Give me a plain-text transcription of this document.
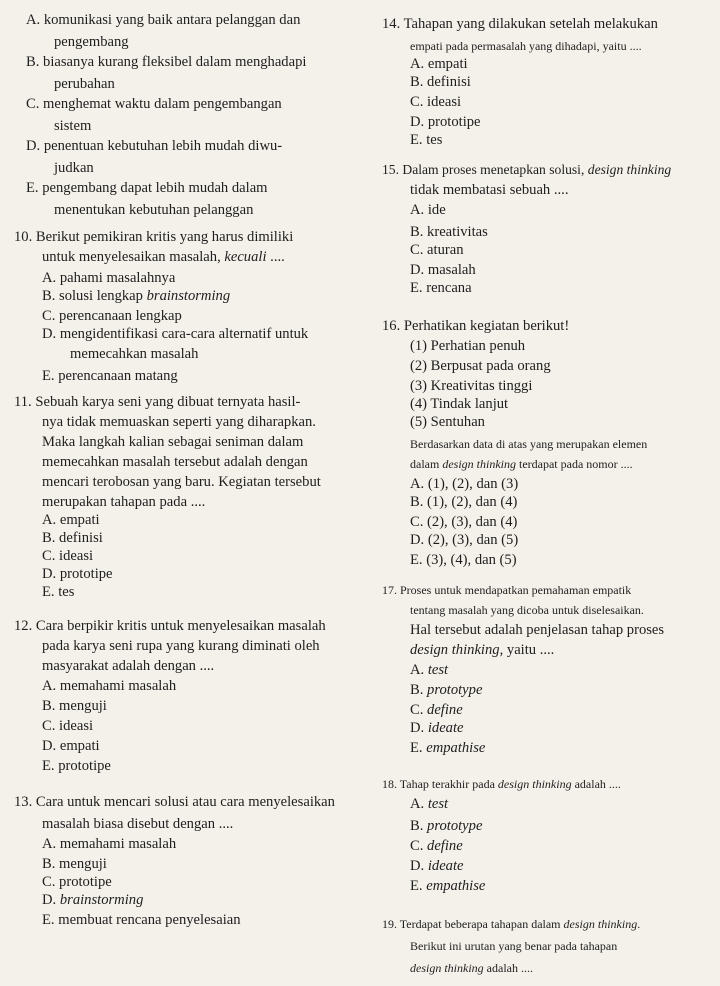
A. komunikasi yang baik antara pelanggan dan
pengembang
B. biasanya kurang fleksibel dalam menghadapi
perubahan
C. menghemat waktu dalam pengembangan
sistem
D. penentuan kebutuhan lebih mudah diwu-
judkan
E. pengembang dapat lebih mudah dalam
menentukan kebutuhan pelanggan
10. Berikut pemikiran kritis yang harus dimiliki
untuk menyelesaikan masalah, kecuali ....
A. pahami masalahnya
B. solusi lengkap brainstorming
C. perencanaan lengkap
D. mengidentifikasi cara-cara alternatif untuk
memecahkan masalah
E. perencanaan matang
11. Sebuah karya seni yang dibuat ternyata hasil-
nya tidak memuaskan seperti yang diharapkan.
Maka langkah kalian sebagai seniman dalam
memecahkan masalah tersebut adalah dengan
mencari terobosan yang baru. Kegiatan tersebut
merupakan tahapan pada ....
A. empati
B. definisi
C. ideasi
D. prototipe
E. tes
12. Cara berpikir kritis untuk menyelesaikan masalah
pada karya seni rupa yang kurang diminati oleh
masyarakat adalah dengan ....
A. memahami masalah
B. menguji
C. ideasi
D. empati
E. prototipe
13. Cara untuk mencari solusi atau cara menyelesaikan
masalah biasa disebut dengan ....
A. memahami masalah
B. menguji
C. prototipe
D. brainstorming
E. membuat rencana penyelesaian
14. Tahapan yang dilakukan setelah melakukan
empati pada permasalah yang dihadapi, yaitu ....
A. empati
B. definisi
C. ideasi
D. prototipe
E. tes
15. Dalam proses menetapkan solusi, design thinking
tidak membatasi sebuah ....
A. ide
B. kreativitas
C. aturan
D. masalah
E. rencana
16. Perhatikan kegiatan berikut!
(1) Perhatian penuh
(2) Berpusat pada orang
(3) Kreativitas tinggi
(4) Tindak lanjut
(5) Sentuhan
Berdasarkan data di atas yang merupakan elemen
dalam design thinking terdapat pada nomor ....
A. (1), (2), dan (3)
B. (1), (2), dan (4)
C. (2), (3), dan (4)
D. (2), (3), dan (5)
E. (3), (4), dan (5)
17. Proses untuk mendapatkan pemahaman empatik
tentang masalah yang dicoba untuk diselesaikan.
Hal tersebut adalah penjelasan tahap proses
design thinking, yaitu ....
A. test
B. prototype
C. define
D. ideate
E. empathise
18. Tahap terakhir pada design thinking adalah ....
A. test
B. prototype
C. define
D. ideate
E. empathise
19. Terdapat beberapa tahapan dalam design thinking.
Berikut ini urutan yang benar pada tahapan
design thinking adalah ....
